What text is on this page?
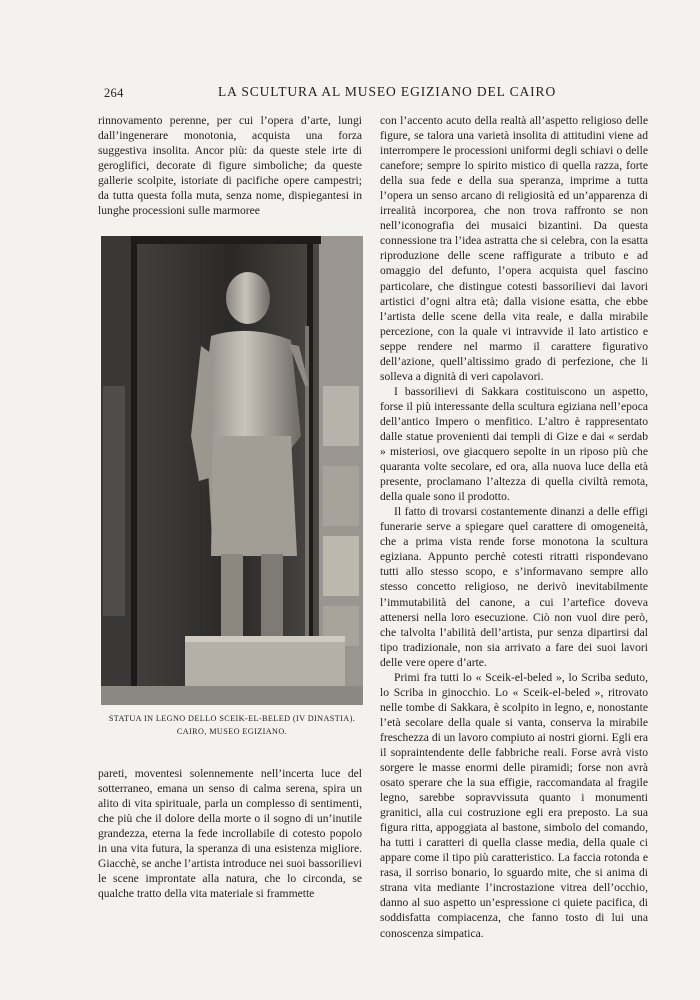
264	LA SCULTURA AL MUSEO EGIZIANO DEL CAIRO

rinnovamento perenne, per cui l’opera d’arte, lungi dall’ingenerare monotonia, acquista una forza suggestiva insolita. Ancor più: da queste stele irte di geroglifici, decorate di figure simboliche; da queste gallerie scolpite, istoriate di pacifiche opere campestri; da tutta questa folla muta, senza nome, dispiegantesi in lunghe processioni sulle marmoree

STATUA IN LEGNO DELLO SCEIK-EL-BELED (IV DINASTIA).
CAIRO, MUSEO EGIZIANO.

pareti, moventesi solennemente nell’incerta luce del sotterraneo, emana un senso di calma serena, spira un alito di vita spirituale, parla un complesso di sentimenti, che più che il dolore della morte o il sogno di un’inutile grandezza, eterna la fede incrollabile di cotesto popolo in una vita futura, la speranza di una esistenza migliore. Giacchè, se anche l’artista introduce nei suoi bassorilievi le scene improntate alla natura, che lo circonda, se qualche tratto della vita materiale si frammette

con l’accento acuto della realtà all’aspetto religioso delle figure, se talora una varietà insolita di attitudini viene ad interrompere le processioni uniformi degli schiavi o delle canefore; sempre lo spirito mistico di quella razza, forte della sua fede e della sua speranza, imprime a tutta l’opera un senso arcano di religiosità ed un’apparenza di irrealità incorporea, che non trova raffronto se non nell’iconografia dei musaici bizantini. Da questa connessione tra l’idea astratta che si celebra, con la esatta riproduzione delle scene raffigurate a tributo e ad omaggio del defunto, l’opera acquista quel fascino particolare, che distingue cotesti bassorilievi dai lavori artistici d’ogni altra età; dalla visione esatta, che ebbe l’artista delle scene della vita reale, e dalla mirabile percezione, con la quale vi intravvide il lato artistico e seppe rendere nel marmo il carattere figurativo dell’azione, quell’altissimo grado di perfezione, che li solleva a dignità di veri capolavori.

I bassorilievi di Sakkara costituiscono un aspetto, forse il più interessante della scultura egiziana nell’epoca dell’antico Impero o menfitico. L’altro è rappresentato dalle statue provenienti dai templi di Gize e dai « serdab » misteriosi, ove giacquero sepolte in un riposo più che quaranta volte secolare, ed ora, alla nuova luce della età presente, proclamano l’altezza di quella civiltà remota, della quale sono il prodotto.

Il fatto di trovarsi costantemente dinanzi a delle effigi funerarie serve a spiegare quel carattere di omogeneità, che a prima vista rende forse monotona la scultura egiziana. Appunto perchè cotesti ritratti rispondevano tutti allo stesso scopo, e s’informavano sempre allo stesso concetto religioso, ne derivò inevitabilmente l’immutabilità del canone, a cui l’artefice doveva attenersi nella loro esecuzione. Ciò non vuol dire però, che talvolta l’abilità dell’artista, pur senza dipartirsi dal tipo tradizionale, non sia arrivato a fare dei suoi lavori delle vere opere d’arte.

Primi fra tutti lo « Sceik-el-beled », lo Scriba seduto, lo Scriba in ginocchio. Lo « Sceik-el-beled », ritrovato nelle tombe di Sakkara, è scolpito in legno, e, nonostante l’età secolare della quale si vanta, conserva la mirabile freschezza di un lavoro compiuto ai nostri giorni. Egli era il sopraintendente delle fabbriche reali. Forse avrà visto sorgere le masse enormi delle piramidi; forse non avrà osato sperare che la sua effigie, raccomandata al fragile legno, sarebbe sopravvissuta quanto i monumenti granitici, alla cui costruzione egli era preposto. La sua figura ritta, appoggiata al bastone, simbolo del comando, ha tutti i caratteri di quella classe media, della quale ci appare come il tipo più caratteristico. La faccia rotonda e rasa, il sorriso bonario, lo sguardo mite, che si anima di strana vita mediante l’incrostazione vitrea dell’occhio, danno al suo aspetto un’espressione ci quiete pacifica, di soddisfatta compiacenza, che fanno tosto di lui una conoscenza simpatica.
